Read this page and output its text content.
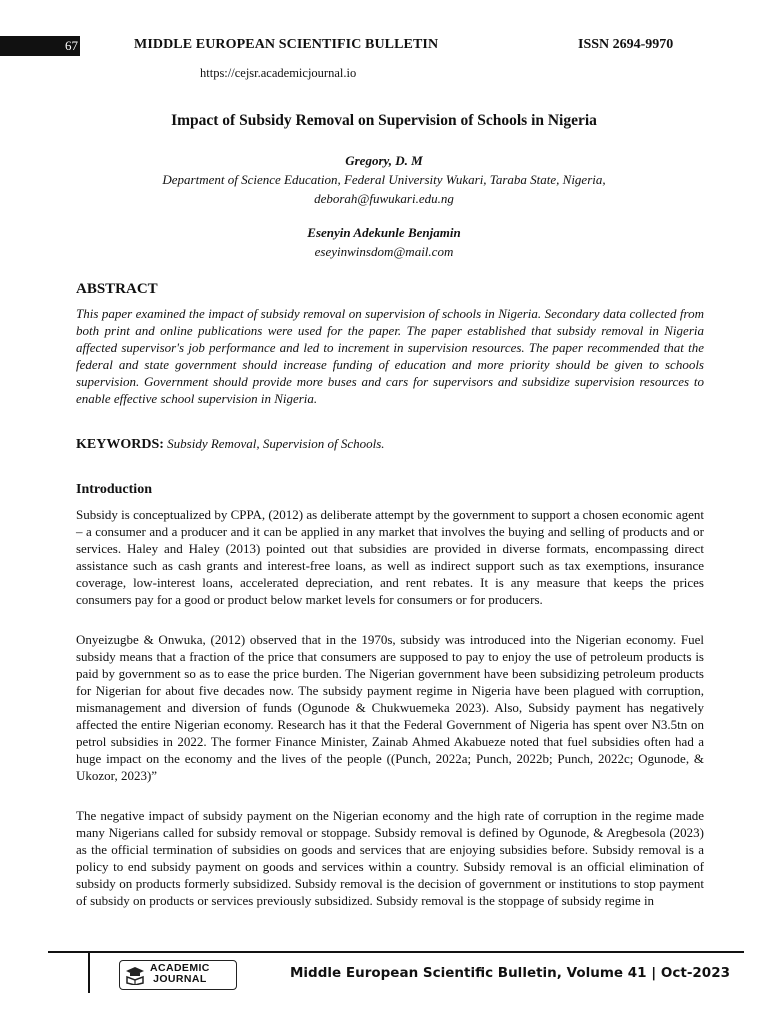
67	MIDDLE EUROPEAN SCIENTIFIC BULLETIN	ISSN 2694-9970
https://cejsr.academicjournal.io
Impact of Subsidy Removal on Supervision of Schools in Nigeria
Gregory, D. M
Department of Science Education, Federal University Wukari, Taraba State, Nigeria,
deborah@fuwukari.edu.ng
Esenyin Adekunle Benjamin
eseyinwinsdom@mail.com
ABSTRACT

This paper examined the impact of subsidy removal on supervision of schools in Nigeria. Secondary data collected from both print and online publications were used for the paper. The paper established that subsidy removal in Nigeria affected supervisor's job performance and led to increment in supervision resources. The paper recommended that the federal and state government should increase funding of education and more priority should be given to schools supervision. Government should provide more buses and cars for supervisors and subsidize supervision resources to enable effective school supervision in Nigeria.

KEYWORDS: Subsidy Removal, Supervision of Schools.
Introduction

Subsidy is conceptualized by CPPA, (2012) as deliberate attempt by the government to support a chosen economic agent – a consumer and a producer and it can be applied in any market that involves the buying and selling of products and or services. Haley and Haley (2013) pointed out that subsidies are provided in diverse formats, encompassing direct assistance such as cash grants and interest-free loans, as well as indirect support such as tax exemptions, insurance coverage, low-interest loans, accelerated depreciation, and rent rebates. It is any measure that keeps the prices consumers pay for a good or product below market levels for consumers or for producers.

Onyeizugbe & Onwuka, (2012) observed that in the 1970s, subsidy was introduced into the Nigerian economy. Fuel subsidy means that a fraction of the price that consumers are supposed to pay to enjoy the use of petroleum products is paid by government so as to ease the price burden. The Nigerian government have been subsidizing petroleum products for Nigerian for about five decades now. The subsidy payment regime in Nigeria have been plagued with corruption, mismanagement and diversion of funds (Ogunode & Chukwuemeka 2023). Also, Subsidy payment has negatively affected the entire Nigerian economy. Research has it that the Federal Government of Nigeria has spent over N3.5tn on petrol subsidies in 2022. The former Finance Minister, Zainab Ahmed Akabueze noted that fuel subsidies often had a huge impact on the economy and the lives of the people ((Punch, 2022a; Punch, 2022b; Punch, 2022c; Ogunode, & Ukozor, 2023)”

The negative impact of subsidy payment on the Nigerian economy and the high rate of corruption in the regime made many Nigerians called for subsidy removal or stoppage. Subsidy removal is defined by Ogunode, & Aregbesola (2023) as the official termination of subsidies on goods and services that are enjoying subsidies before. Subsidy removal is a policy to end subsidy payment on goods and services within a country. Subsidy removal is an official elimination of subsidy on products formerly subsidized. Subsidy removal is the decision of government or institutions to stop payment of subsidy on products or services previously subsidized. Subsidy removal is the stoppage of subsidy regime in

ACADEMIC
JOURNAL	Middle European Scientific Bulletin, Volume 41 | Oct-2023
